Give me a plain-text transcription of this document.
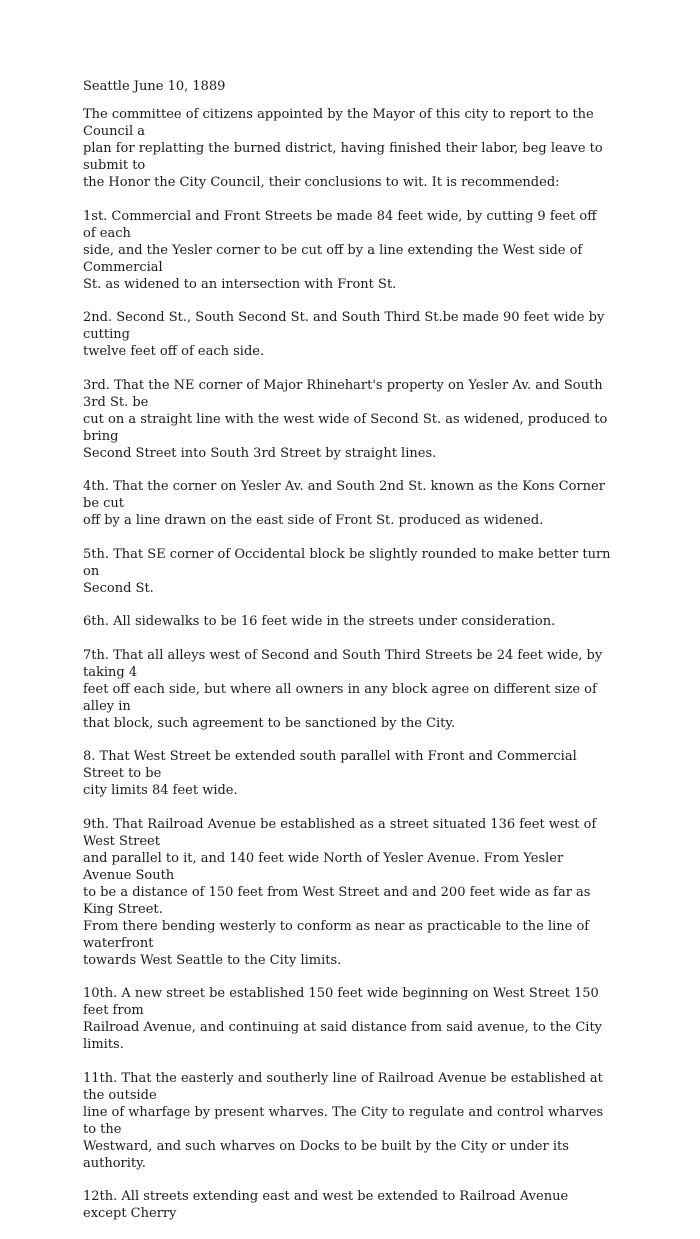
Seattle June 10, 1889

The committee of citizens appointed by the Mayor of this city to report to the Council a
plan for replatting the burned district, having finished their labor, beg leave to submit to
the Honor the City Council, their conclusions to wit. It is recommended:

1st. Commercial and Front Streets be made 84 feet wide, by cutting 9 feet off of each
side, and the Yesler corner to be cut off by a line extending the West side of Commercial
St. as widened to an intersection with Front St.

2nd. Second St., South Second St. and South Third St.be made 90 feet wide by cutting
twelve feet off of each side.

3rd. That the NE corner of Major Rhinehart's property on Yesler Av. and South 3rd St. be
cut on a straight line with the west wide of Second St. as widened, produced to bring
Second Street into South 3rd Street by straight lines.

4th. That the corner on Yesler Av. and South 2nd St. known as the Kons Corner be cut
off by a line drawn on the east side of Front St. produced as widened.

5th. That SE corner of Occidental block be slightly rounded to make better turn on
Second St.

6th. All sidewalks to be 16 feet wide in the streets under consideration.

7th. That all alleys west of Second and South Third Streets be 24 feet wide, by taking 4
feet off each side, but where all owners in any block agree on different size of alley in
that block, such agreement to be sanctioned by the City.

8. That West Street be extended south parallel with Front and Commercial Street to be
city limits 84 feet wide.

9th. That Railroad Avenue be established as a street situated 136 feet west of West Street
and parallel to it, and 140 feet wide North of Yesler Avenue. From Yesler Avenue South
to be a distance of 150 feet from West Street and and 200 feet wide as far as King Street.
From there bending westerly to conform as near as practicable to the line of waterfront
towards West Seattle to the City limits.

10th. A new street be established 150 feet wide beginning on West Street 150 feet from
Railroad Avenue, and continuing at said distance from said avenue, to the City limits.

11th. That the easterly and southerly line of Railroad Avenue be established at the outside
line of wharfage by present wharves. The City to regulate and control wharves to the
Westward, and such wharves on Docks to be built by the City or under its authority.

12th. All streets extending east and west be extended to Railroad Avenue except Cherry
